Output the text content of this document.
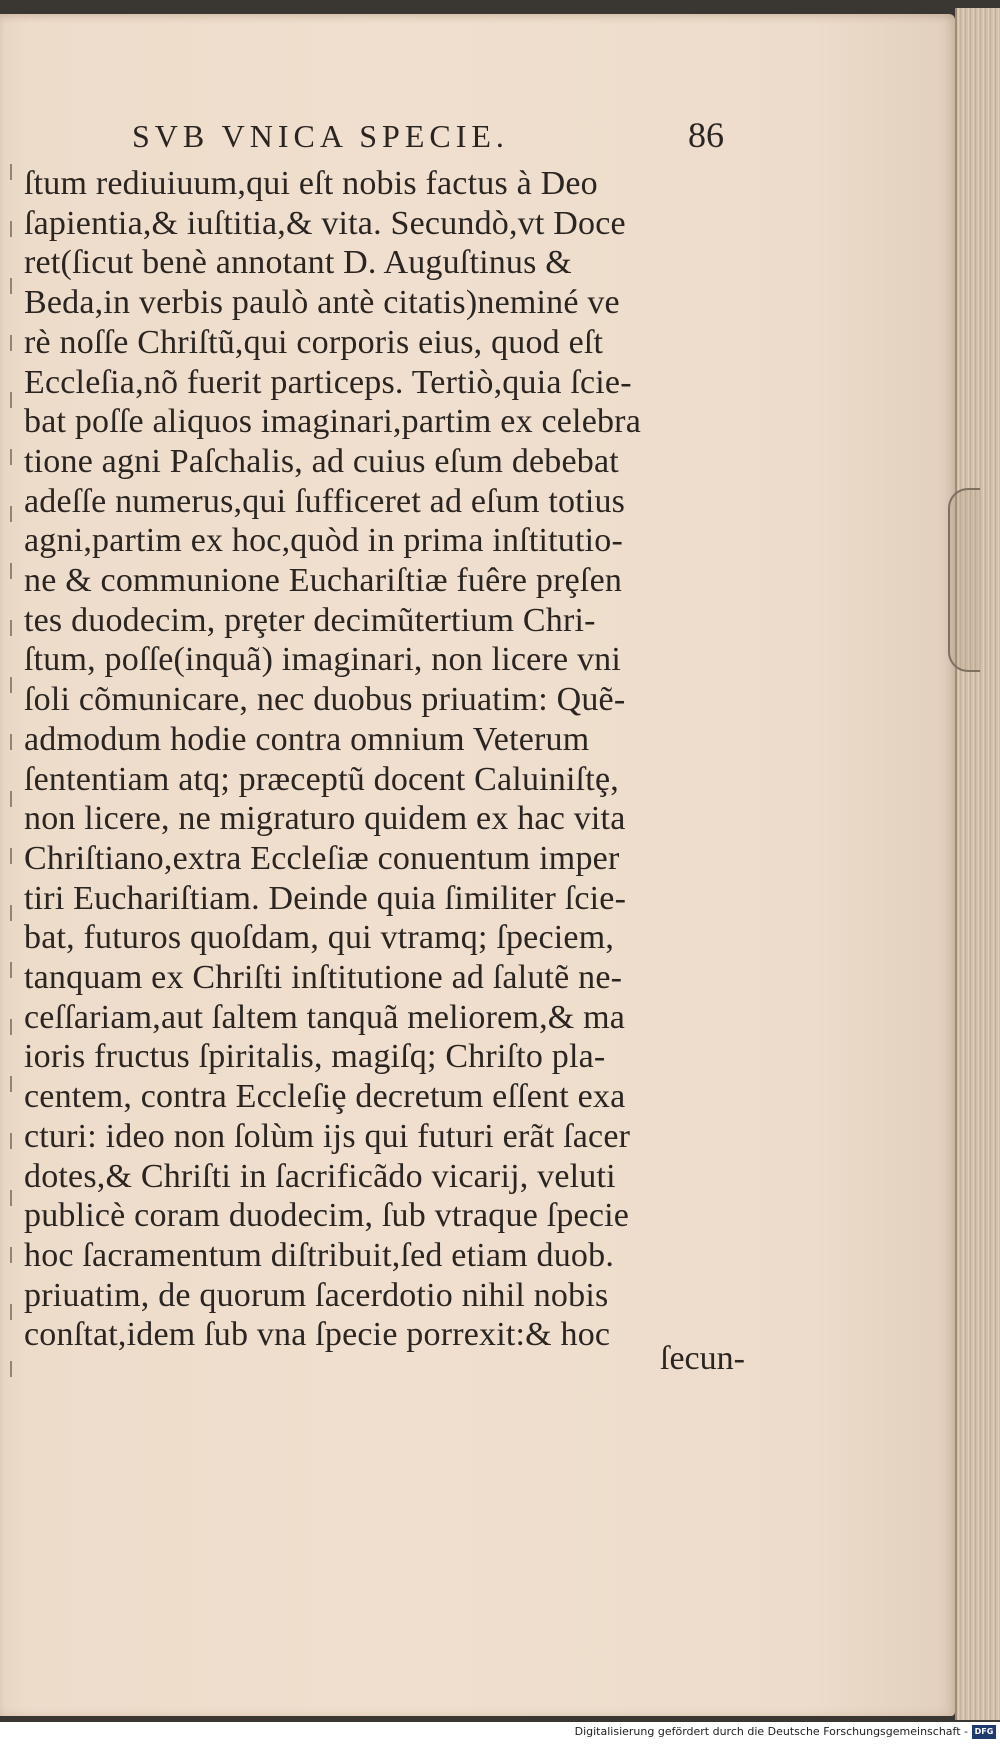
SVB VNICA SPECIE.	86
ſtum rediuiuum,qui eſt nobis factus à Deo
ſapientia,& iuſtitia,& vita. Secundò,vt Doce
ret(ſicut benè annotant D. Auguſtinus &
Beda,in verbis paulò antè citatis)neminé ve
rè noſſe Chriſtũ,qui corporis eius, quod eſt
Eccleſia,nõ fuerit particeps. Tertiò,quia ſcie-
bat poſſe aliquos imaginari,partim ex celebra
tione agni Paſchalis, ad cuius eſum debebat
adeſſe numerus,qui ſufficeret ad eſum totius
agni,partim ex hoc,quòd in prima inſtitutio-
ne & communione Euchariſtiæ fuêre prȩſen
tes duodecim, prȩter decimũtertium Chri-
ſtum, poſſe(inquã) imaginari, non licere vni
ſoli cõmunicare, nec duobus priuatim: Quẽ-
admodum hodie contra omnium Veterum
ſententiam atq; præceptũ docent Caluiniſtȩ,
non licere, ne migraturo quidem ex hac vita
Chriſtiano,extra Eccleſiæ conuentum imper
tiri Euchariſtiam. Deinde quia ſimiliter ſcie-
bat, futuros quoſdam, qui vtramq; ſpeciem,
tanquam ex Chriſti inſtitutione ad ſalutẽ ne-
ceſſariam,aut ſaltem tanquã meliorem,& ma
ioris fructus ſpiritalis, magiſq; Chriſto pla-
centem, contra Eccleſiȩ decretum eſſent exa
cturi: ideo non ſolùm ijs qui futuri erãt ſacer
dotes,& Chriſti in ſacrificãdo vicarij, veluti
publicè coram duodecim, ſub vtraque ſpecie
hoc ſacramentum diſtribuit,ſed etiam duob.
priuatim, de quorum ſacerdotio nihil nobis
conſtat,idem ſub vna ſpecie porrexit:& hoc
ſecun-
Digitalisierung gefördert durch die Deutsche Forschungsgemeinschaft - DFG
